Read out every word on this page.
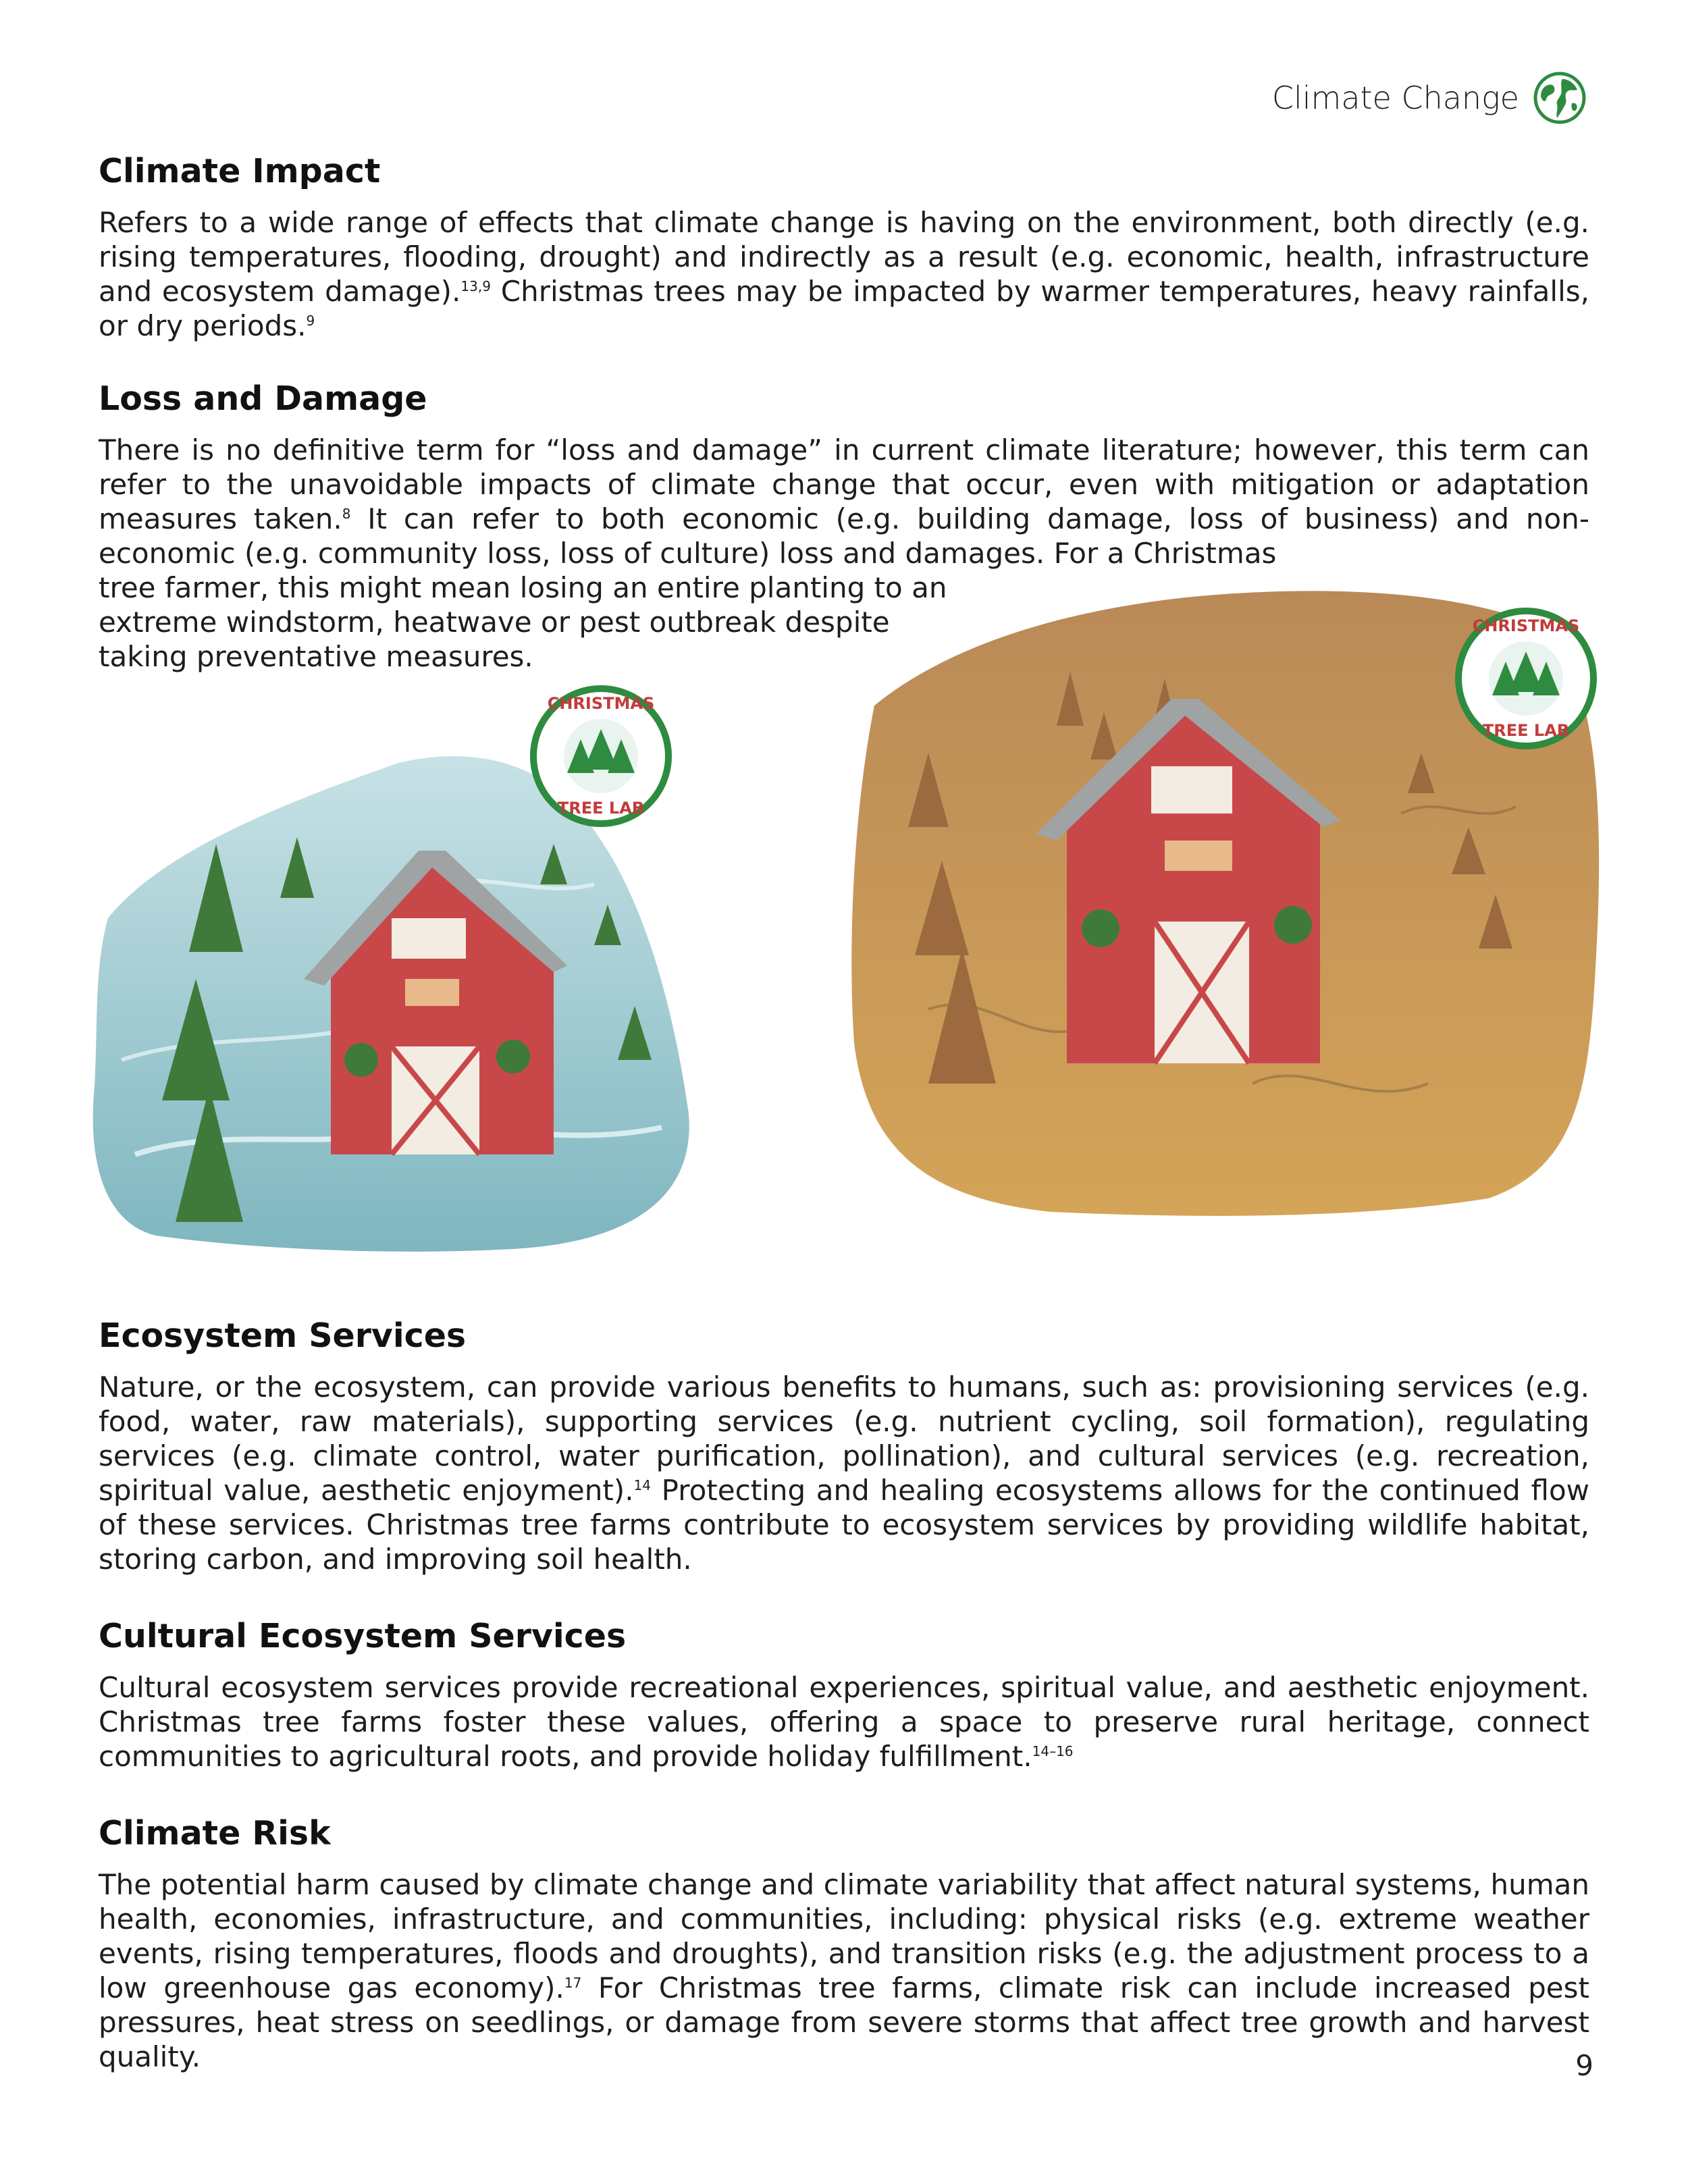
Climate Change
Climate Impact

Refers to a wide range of effects that climate change is having on the environment, both directly (e.g. rising temperatures, flooding, drought) and indirectly as a result (e.g. economic, health, infrastructure and ecosystem damage).$^{13,9}$ Christmas trees may be impacted by warmer temperatures, heavy rainfalls, or dry periods.$^9$

Loss and Damage

There is no definitive term for “loss and damage” in current climate literature; however, this term can refer to the unavoidable impacts of climate change that occur, even with mitigation or adaptation measures taken.$^8$ It can refer to both economic (e.g. building damage, loss of business) and non-economic (e.g. community loss, loss of culture) loss and damages. For a Christmas
tree farmer, this might mean losing an entire planting to an
extreme windstorm, heatwave or pest outbreak despite
taking preventative measures.

CHRISTMAS
TREE LAB
CHRISTMAS
TREE LAB
Ecosystem Services

Nature, or the ecosystem, can provide various benefits to humans, such as: provisioning services (e.g. food, water, raw materials), supporting services (e.g. nutrient cycling, soil formation), regulating services (e.g. climate control, water purification, pollination), and cultural services (e.g. recreation, spiritual value, aesthetic enjoyment).$^{14}$ Protecting and healing ecosystems allows for the continued flow of these services. Christmas tree farms contribute to ecosystem services by providing wildlife habitat, storing carbon, and improving soil health.

Cultural Ecosystem Services

Cultural ecosystem services provide recreational experiences, spiritual value, and aesthetic enjoyment. Christmas tree farms foster these values, offering a space to preserve rural heritage, connect communities to agricultural roots, and provide holiday fulfillment.$^{14-16}$

Climate Risk

The potential harm caused by climate change and climate variability that affect natural systems, human health, economies, infrastructure, and communities, including: physical risks (e.g. extreme weather events, rising temperatures, floods and droughts), and transition risks (e.g. the adjustment process to a low greenhouse gas economy).$^{17}$ For Christmas tree farms, climate risk can include increased pest pressures, heat stress on seedlings, or damage from severe storms that affect tree growth and harvest quality.	9
